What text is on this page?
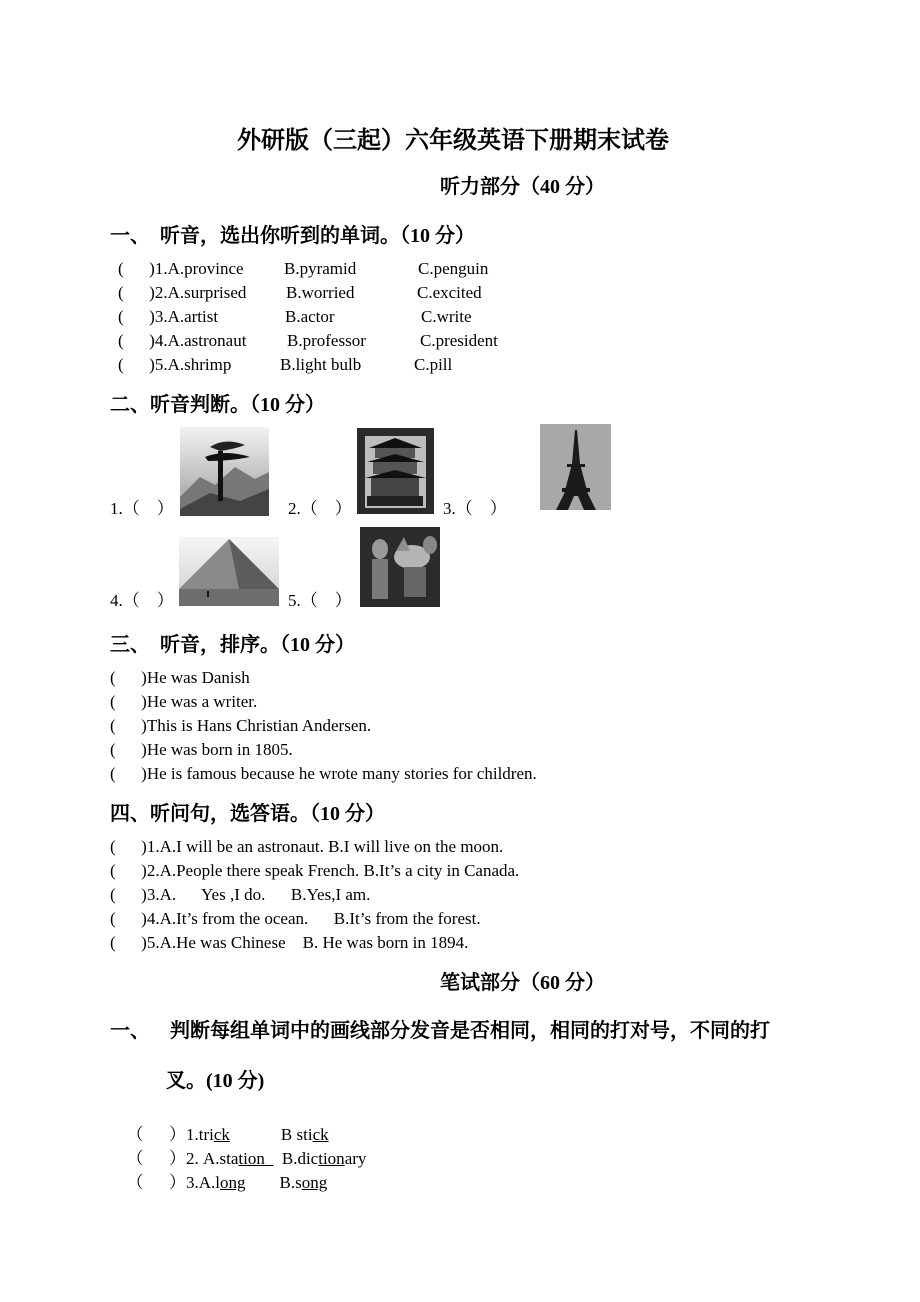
外研版（三起）六年级英语下册期末试卷
听力部分（40 分）
一、  听音，选出你听到的单词。（10 分）
(      )1.A.province B.pyramid	C.penguin
(      )2.A.surprised B.worried	C.excited
(      )3.A.artist	B.actor	C.write
(      )4.A.astronaut B.professor	C.president
(      )5.A.shrimp	B.light bulb	C.pill
二、听音判断。（10 分）
1.（    ）	2.（    ）	3.（    ）
4.（    ）	5.（    ）
三、  听音，排序。（10 分）
(      )He was Danish
(      )He was a writer.
(      )This is Hans Christian Andersen.
(      )He was born in 1805.
(      )He is famous because he wrote many stories for children.
四、听问句，选答语。（10 分）
(      )1.A.I will be an astronaut. B.I will live on the moon.
(      )2.A.People there speak French. B.It’s a city in Canada.
(      )3.A.      Yes ,I do.      B.Yes,I am.
(      )4.A.It’s from the ocean.      B.It’s from the forest.
(      )5.A.He was Chinese    B. He was born in 1894.
笔试部分（60 分）
一、    判断每组单词中的画线部分发音是否相同，相同的打对号，不同的打
叉。(10 分)

（      ）1.trick            B stick

（      ）2. A.station    B.dictionary

（      ）3.A.long        B.song
